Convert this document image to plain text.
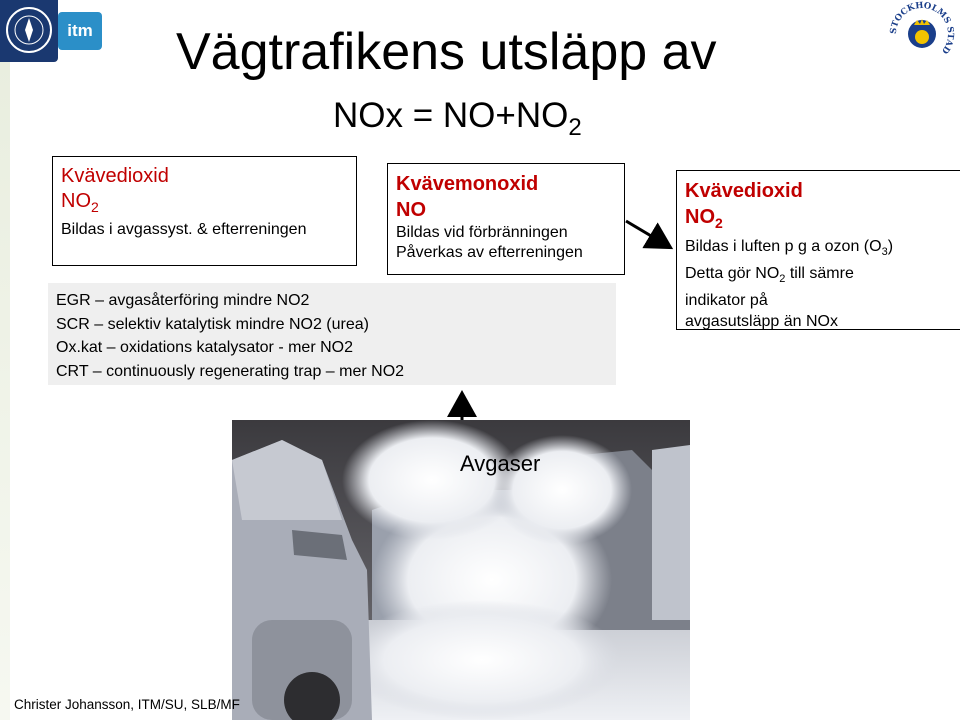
itm	STOCKHOLMS STAD
Vägtrafikens utsläpp av
NOx = $NO+NO_2$
Kvävedioxid
$NO_2$
Bildas i avgassyst. & efterreningen
EGR – avgasåterföring mindre NO2
SCR – selektiv katalytisk mindre NO2 (urea)
Ox.kat – oxidations katalysator - mer NO2
CRT – continuously regenerating trap – mer NO2
Kvävemonoxid
NO
Bildas vid förbränningen
Påverkas av efterreningen
Kvävedioxid
$NO_2$
Bildas i luften p g a ozon $(O_3)$
Detta gör $NO_2$ till sämre
indikator på
avgasutsläpp än NOx
Avgaser
Christer Johansson, ITM/SU, SLB/MF
